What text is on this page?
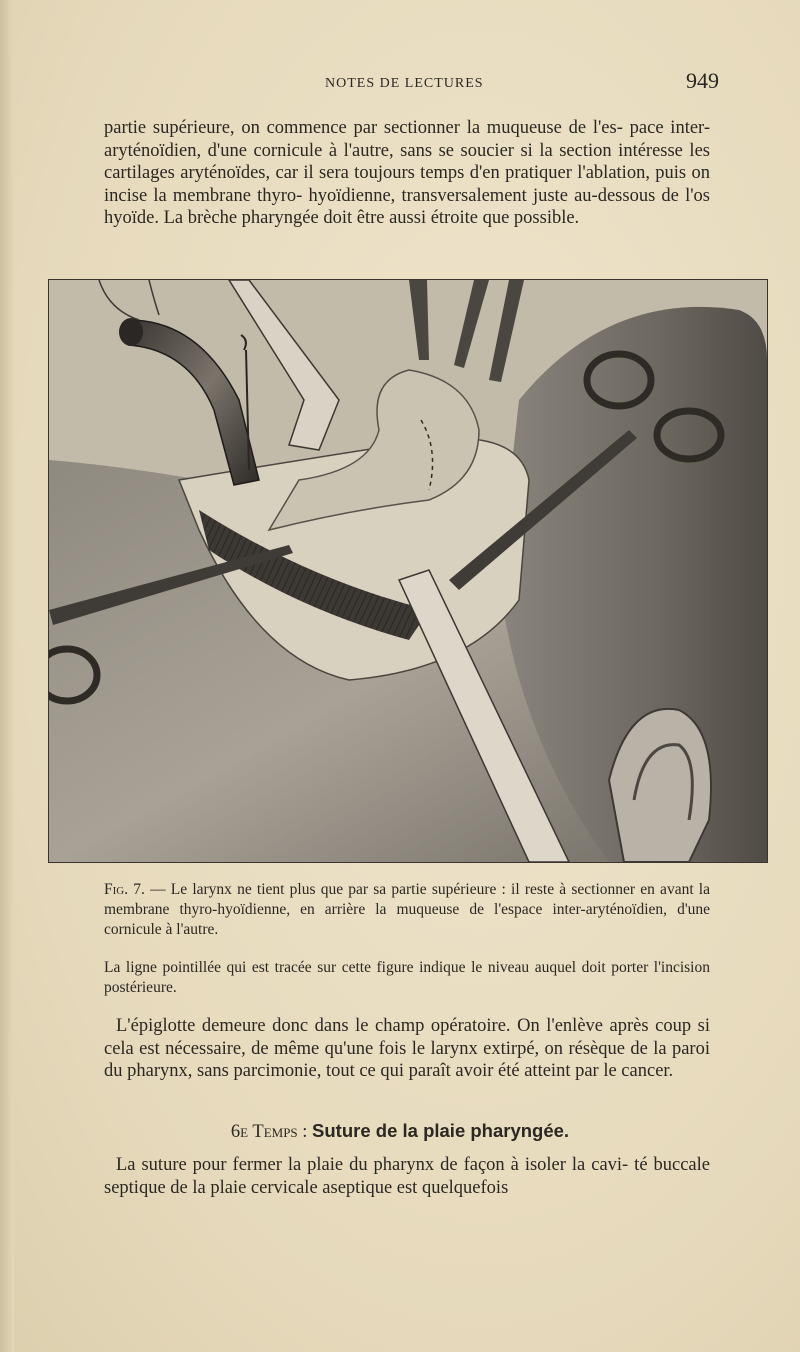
NOTES DE LECTURES	949

partie supérieure, on commence par sectionner la muqueuse de l'es- pace inter-aryténoïdien, d'une cornicule à l'autre, sans se soucier si la section intéresse les cartilages aryténoïdes, car il sera toujours temps d'en pratiquer l'ablation, puis on incise la membrane thyro- hyoïdienne, transversalement juste au-dessous de l'os hyoïde. La brèche pharyngée doit être aussi étroite que possible.

Fig. 7. — Le larynx ne tient plus que par sa partie supérieure : il reste à sectionner en avant la membrane thyro-hyoïdienne, en arrière la muqueuse de l'espace inter-aryténoïdien, d'une cornicule à l'autre.
La ligne pointillée qui est tracée sur cette figure indique le niveau auquel doit porter l'incision postérieure.

L'épiglotte demeure donc dans le champ opératoire. On l'enlève après coup si cela est nécessaire, de même qu'une fois le larynx extirpé, on résèque de la paroi du pharynx, sans parcimonie, tout ce qui paraît avoir été atteint par le cancer.

6e Temps : Suture de la plaie pharyngée.

La suture pour fermer la plaie du pharynx de façon à isoler la cavi- té buccale septique de la plaie cervicale aseptique est quelquefois
